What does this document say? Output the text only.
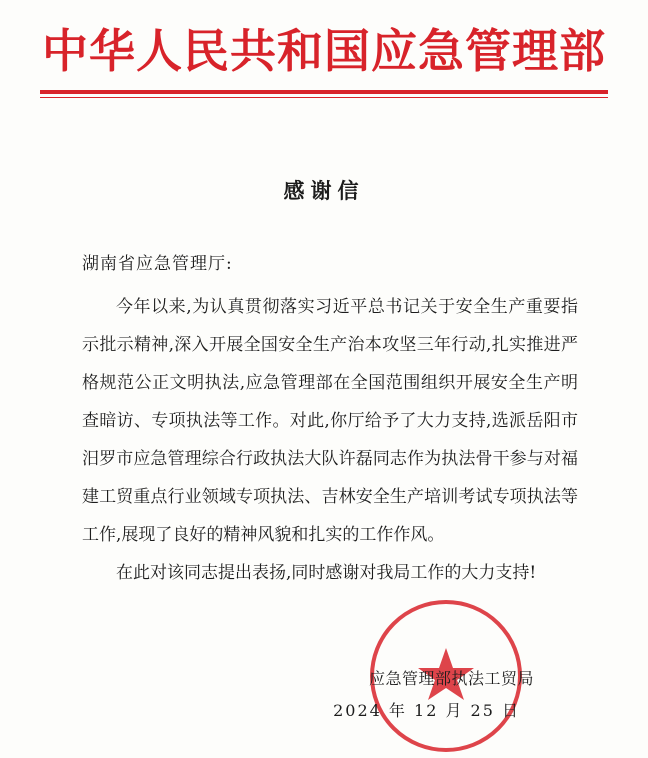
中华人民共和国应急管理部
感谢信
湖南省应急管理厅:

今年以来,为认真贯彻落实习近平总书记关于安全生产重要指示批示精神,深入开展全国安全生产治本攻坚三年行动,扎实推进严格规范公正文明执法,应急管理部在全国范围组织开展安全生产明查暗访、专项执法等工作。对此,你厅给予了大力支持,选派岳阳市汨罗市应急管理综合行政执法大队许磊同志作为执法骨干参与对福建工贸重点行业领域专项执法、吉林安全生产培训考试专项执法等工作,展现了良好的精神风貌和扎实的工作作风。

在此对该同志提出表扬,同时感谢对我局工作的大力支持!

应急管理部执法工贸局
2024 年 12 月 25 日
